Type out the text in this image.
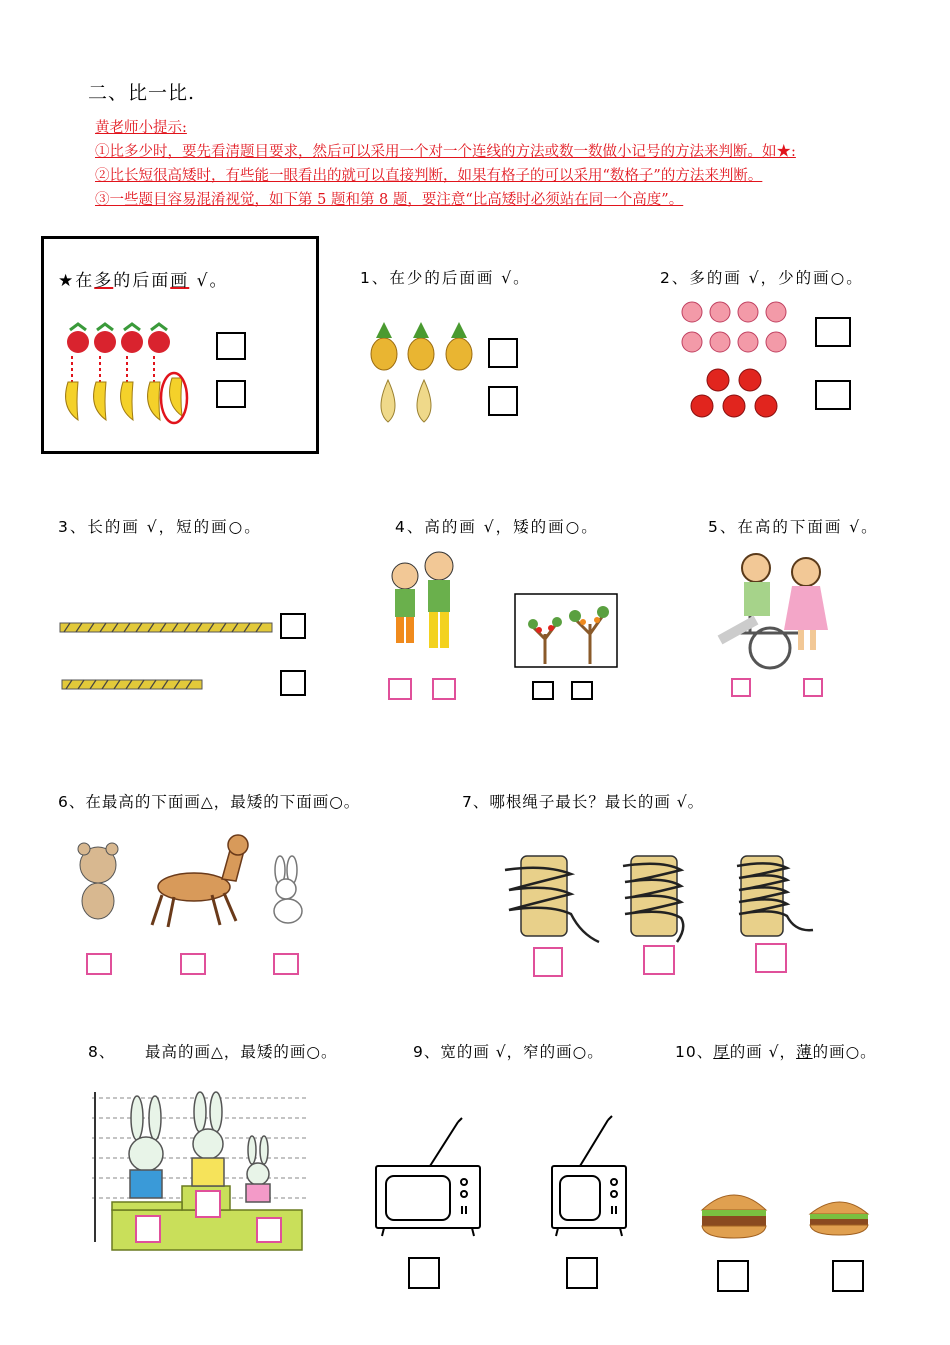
二、比一比.
黄老师小提示:
①比多少时，要先看清题目要求，然后可以采用一个对一个连线的方法或数一数做小记号的方法来判断。如★:
②比长短很高矮时，有些能一眼看出的就可以直接判断，如果有格子的可以采用“数格子”的方法来判断。
③一些题目容易混淆视觉，如下第 5 题和第 8 题，要注意“比高矮时必须站在同一个高度”。
★在多的后面画 √。	1、在少的后面画 √。	2、多的画 √，少的画○。
3、长的画 √，短的画○。	4、高的画 √，矮的画○。	5、在高的下面画 √。
6、在最高的下面画△，最矮的下面画○。	7、哪根绳子最长？最长的画 √。
8、     最高的画△，最矮的画○。	9、宽的画 √，窄的画○。	10、厚的画 √，薄的画○。
